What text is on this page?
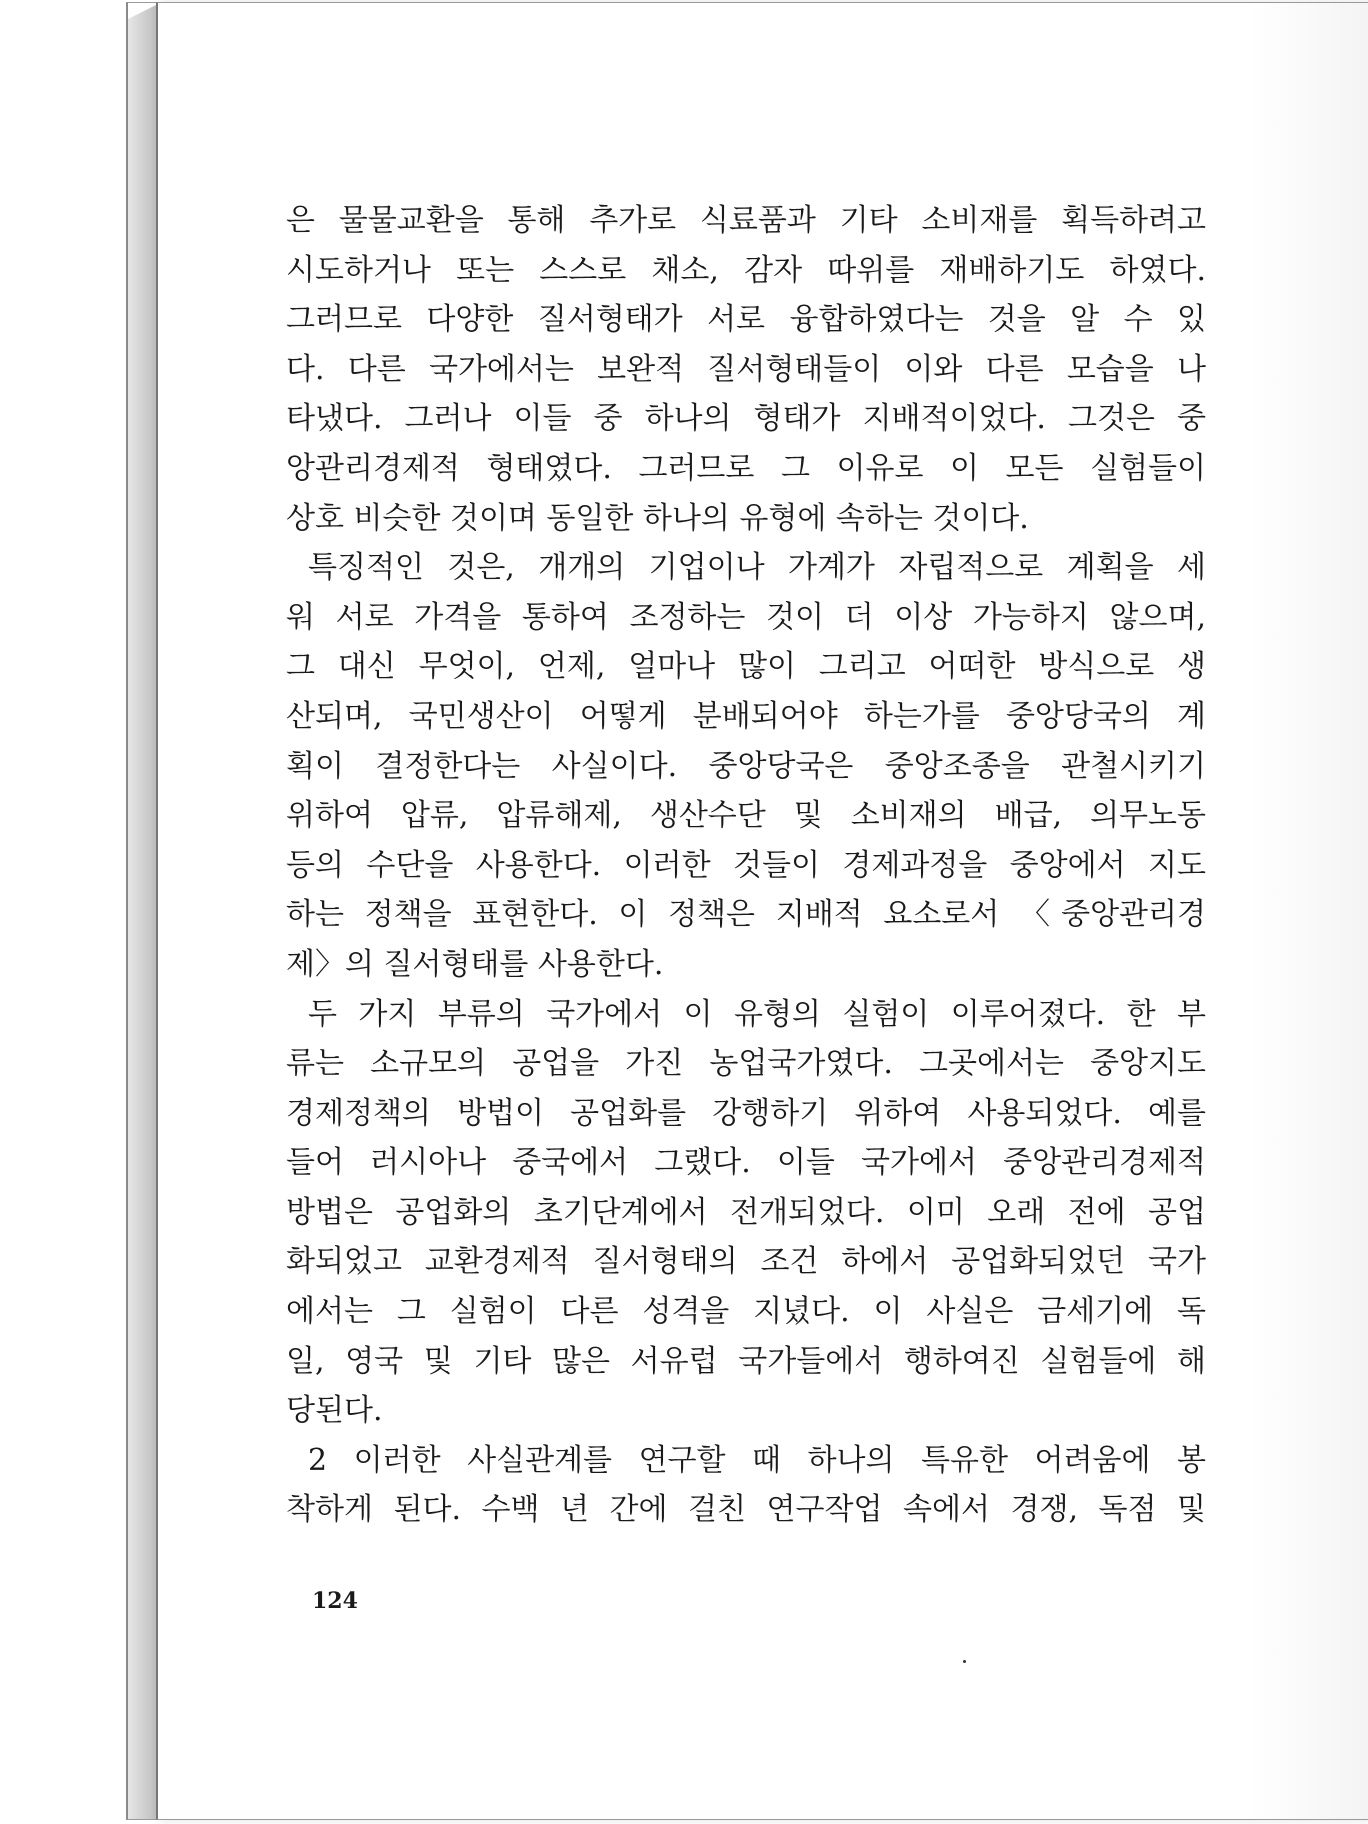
은 물물교환을 통해 추가로 식료품과 기타 소비재를 획득하려고
시도하거나 또는 스스로 채소, 감자 따위를 재배하기도 하였다.
그러므로 다양한 질서형태가 서로 융합하였다는 것을 알 수 있
다. 다른 국가에서는 보완적 질서형태들이 이와 다른 모습을 나
타냈다. 그러나 이들 중 하나의 형태가 지배적이었다. 그것은 중
앙관리경제적 형태였다. 그러므로 그 이유로 이 모든 실험들이
상호 비슷한 것이며 동일한 하나의 유형에 속하는 것이다.
특징적인 것은, 개개의 기업이나 가계가 자립적으로 계획을 세
워 서로 가격을 통하여 조정하는 것이 더 이상 가능하지 않으며,
그 대신 무엇이, 언제, 얼마나 많이 그리고 어떠한 방식으로 생
산되며, 국민생산이 어떻게 분배되어야 하는가를 중앙당국의 계
획이 결정한다는 사실이다. 중앙당국은 중앙조종을 관철시키기
위하여 압류, 압류해제, 생산수단 및 소비재의 배급, 의무노동
등의 수단을 사용한다. 이러한 것들이 경제과정을 중앙에서 지도
하는 정책을 표현한다. 이 정책은 지배적 요소로서 〈중앙관리경
제〉의 질서형태를 사용한다.
두 가지 부류의 국가에서 이 유형의 실험이 이루어졌다. 한 부
류는 소규모의 공업을 가진 농업국가였다. 그곳에서는 중앙지도
경제정책의 방법이 공업화를 강행하기 위하여 사용되었다. 예를
들어 러시아나 중국에서 그랬다. 이들 국가에서 중앙관리경제적
방법은 공업화의 초기단계에서 전개되었다. 이미 오래 전에 공업
화되었고 교환경제적 질서형태의 조건 하에서 공업화되었던 국가
에서는 그 실험이 다른 성격을 지녔다. 이 사실은 금세기에 독
일, 영국 및 기타 많은 서유럽 국가들에서 행하여진 실험들에 해
당된다.
2 이러한 사실관계를 연구할 때 하나의 특유한 어려움에 봉
착하게 된다. 수백 년 간에 걸친 연구작업 속에서 경쟁, 독점 및
124
